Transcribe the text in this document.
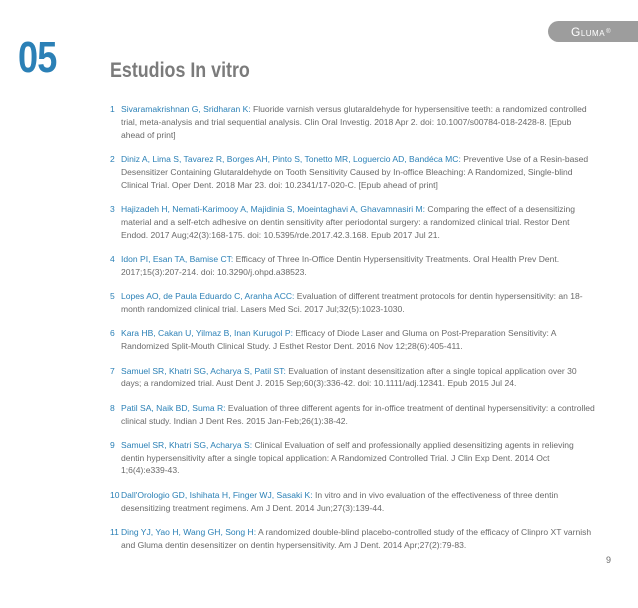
Gluma ®
05	Estudios In vitro
1 Sivaramakrishnan G, Sridharan K: Fluoride varnish versus glutaraldehyde for hypersensitive teeth: a randomized controlled trial, meta-analysis and trial sequential analysis. Clin Oral Investig. 2018 Apr 2. doi: 10.1007/s00784-018-2428-8. [Epub ahead of print]
2 Diniz A, Lima S, Tavarez R, Borges AH, Pinto S, Tonetto MR, Loguercio AD, Bandéca MC: Preventive Use of a Resin-based Desensitizer Containing Glutaraldehyde on Tooth Sensitivity Caused by In-office Bleaching: A Randomized, Single-blind Clinical Trial. Oper Dent. 2018 Mar 23. doi: 10.2341/17-020-C. [Epub ahead of print]
3 Hajizadeh H, Nemati-Karimooy A, Majidinia S, Moeintaghavi A, Ghavamnasiri M: Comparing the effect of a desensitizing material and a self-etch adhesive on dentin sensitivity after periodontal surgery: a randomized clinical trial. Restor Dent Endod. 2017 Aug;42(3):168-175. doi: 10.5395/rde.2017.42.3.168. Epub 2017 Jul 21.
4 Idon PI, Esan TA, Bamise CT: Efficacy of Three In-Office Dentin Hypersensitivity Treatments. Oral Health Prev Dent. 2017;15(3):207-214. doi: 10.3290/j.ohpd.a38523.
5 Lopes AO, de Paula Eduardo C, Aranha ACC: Evaluation of different treatment protocols for dentin hypersensitivity: an 18-month randomized clinical trial. Lasers Med Sci. 2017 Jul;32(5):1023-1030.
6 Kara HB, Cakan U, Yilmaz B, Inan Kurugol P: Efficacy of Diode Laser and Gluma on Post-Preparation Sensitivity: A Randomized Split-Mouth Clinical Study. J Esthet Restor Dent. 2016 Nov 12;28(6):405-411.
7 Samuel SR, Khatri SG, Acharya S, Patil ST: Evaluation of instant desensitization after a single topical application over 30 days; a randomized trial. Aust Dent J. 2015 Sep;60(3):336-42. doi: 10.1111/adj.12341. Epub 2015 Jul 24.
8 Patil SA, Naik BD, Suma R: Evaluation of three different agents for in-office treatment of dentinal hypersensitivity: a controlled clinical study. Indian J Dent Res. 2015 Jan-Feb;26(1):38-42.
9 Samuel SR, Khatri SG, Acharya S: Clinical Evaluation of self and professionally applied desensitizing agents in relieving dentin hypersensitivity after a single topical application: A Randomized Controlled Trial. J Clin Exp Dent. 2014 Oct 1;6(4):e339-43.
10 Dall'Orologio GD, Ishihata H, Finger WJ, Sasaki K: In vitro and in vivo evaluation of the effectiveness of three dentin desensitizing treatment regimens. Am J Dent. 2014 Jun;27(3):139-44.
11 Ding YJ, Yao H, Wang GH, Song H: A randomized double-blind placebo-controlled study of the efficacy of Clinpro XT varnish and Gluma dentin desensitizer on dentin hypersensitivity. Am J Dent. 2014 Apr;27(2):79-83.
9
